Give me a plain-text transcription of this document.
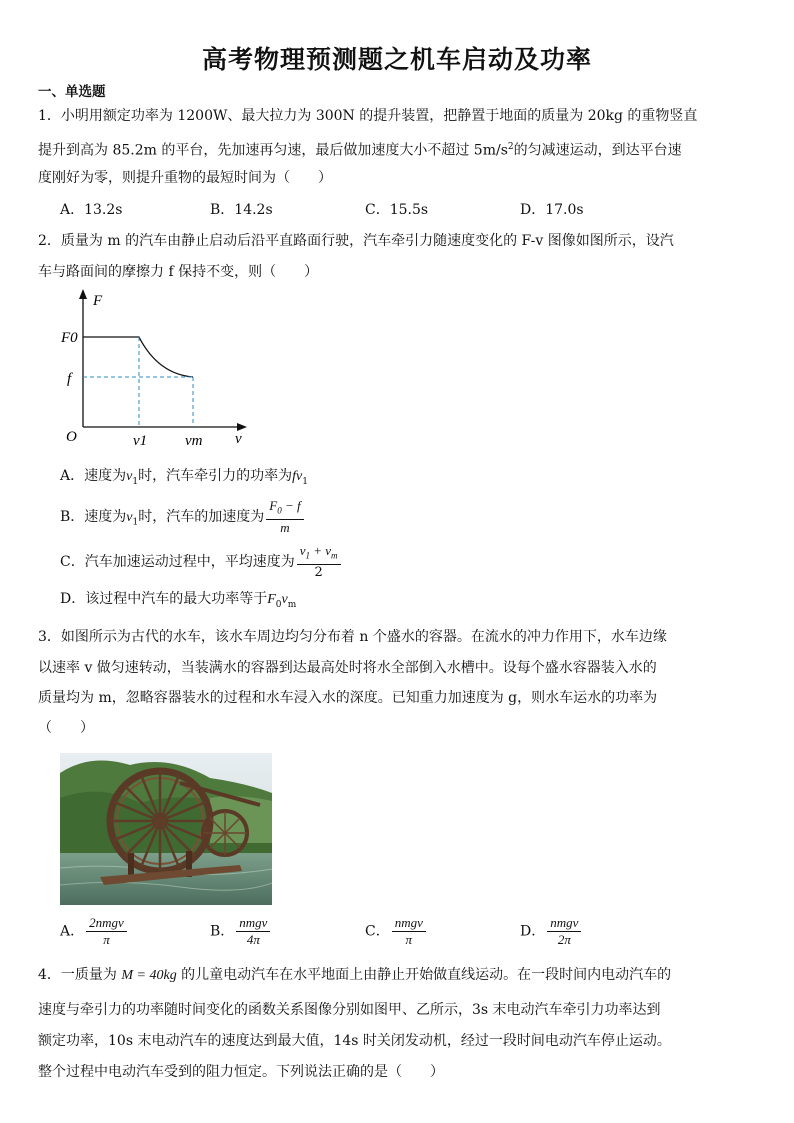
高考物理预测题之机车启动及功率
一、单选题
1．小明用额定功率为 1200W、最大拉力为 300N 的提升装置，把静置于地面的质量为 20kg 的重物竖直
提升到高为 85.2m 的平台，先加速再匀速，最后做加速度大小不超过 $5m/s^2$的匀减速运动，到达平台速
度刚好为零，则提升重物的最短时间为（　　）
A．13.2s	B．14.2s	C．15.5s	D．17.0s
2．质量为 m 的汽车由静止启动后沿平直路面行驶，汽车牵引力随速度变化的 F-v 图像如图所示，设汽
车与路面间的摩擦力 f 保持不变，则（　　）
F
v
O
F0
f
v1	vm
A．速度为$v_1$时，汽车牵引力的功率为$fv_1$
B．速度为$v_1$时，汽车的加速度为 $\frac{F_0 - f}{m}$
C．汽车加速运动过程中，平均速度为 $\frac{v_1 + v_m}{2}$
D．该过程中汽车的最大功率等于$F_0v_m$
3．如图所示为古代的水车，该水车周边均匀分布着 n 个盛水的容器。在流水的冲力作用下，水车边缘
以速率 v 做匀速转动，当装满水的容器到达最高处时将水全部倒入水槽中。设每个盛水容器装入水的
质量均为 m，忽略容器装水的过程和水车浸入水的深度。已知重力加速度为 g，则水车运水的功率为
（　　）
A． $\frac{\text{2nmgv}}{\pi}$	B． $\frac{\text{nmgv}}{4\pi}$	C． $\frac{\text{nmgv}}{\pi}$	D． $\frac{\text{nmgv}}{2\pi}$
4．一质量为 M = 40kg 的儿童电动汽车在水平地面上由静止开始做直线运动。在一段时间内电动汽车的
速度与牵引力的功率随时间变化的函数关系图像分别如图甲、乙所示，3s 末电动汽车牵引力功率达到
额定功率，10s 末电动汽车的速度达到最大值，14s 时关闭发动机，经过一段时间电动汽车停止运动。
整个过程中电动汽车受到的阻力恒定。下列说法正确的是（　　）
